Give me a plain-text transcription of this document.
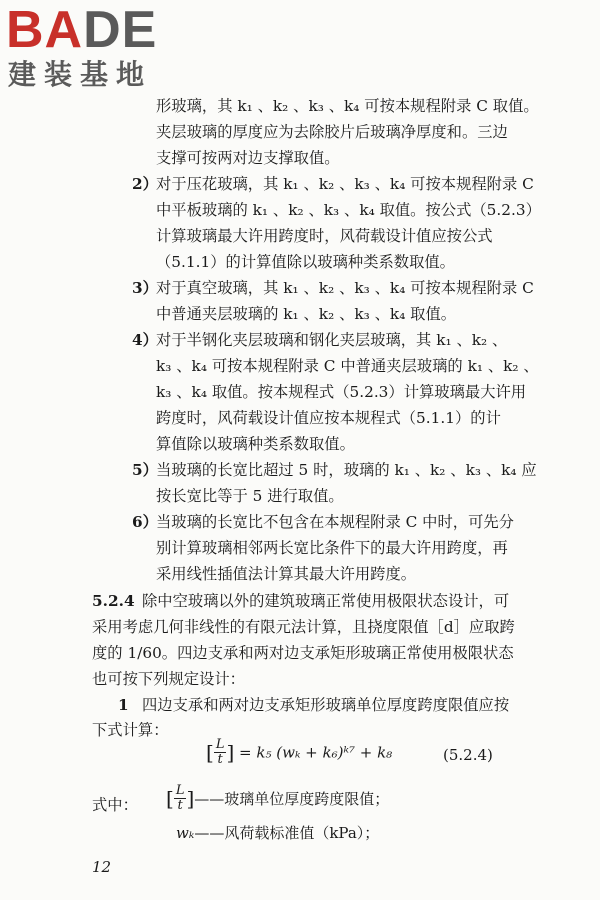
BADE
建装基地
形玻璃，其 k₁ 、k₂ 、k₃ 、k₄ 可按本规程附录 C 取值。
夹层玻璃的厚度应为去除胶片后玻璃净厚度和。三边
支撑可按两对边支撑取值。
2）
对于压花玻璃，其 k₁ 、k₂ 、k₃ 、k₄ 可按本规程附录 C
中平板玻璃的 k₁ 、k₂ 、k₃ 、k₄ 取值。按公式（5.2.3）
计算玻璃最大许用跨度时，风荷载设计值应按公式
（5.1.1）的计算值除以玻璃种类系数取值。
3）
对于真空玻璃，其 k₁ 、k₂ 、k₃ 、k₄ 可按本规程附录 C
中普通夹层玻璃的 k₁ 、k₂ 、k₃ 、k₄ 取值。
4）
对于半钢化夹层玻璃和钢化夹层玻璃，其 k₁ 、k₂ 、
k₃ 、k₄ 可按本规程附录 C 中普通夹层玻璃的 k₁ 、k₂ 、
k₃ 、k₄ 取值。按本规程式（5.2.3）计算玻璃最大许用
跨度时，风荷载设计值应按本规程式（5.1.1）的计
算值除以玻璃种类系数取值。
5）
当玻璃的长宽比超过 5 时，玻璃的 k₁ 、k₂ 、k₃ 、k₄ 应
按长宽比等于 5 进行取值。
6）
当玻璃的长宽比不包含在本规程附录 C 中时，可先分
别计算玻璃相邻两长宽比条件下的最大许用跨度，再
采用线性插值法计算其最大许用跨度。
5.2.4 除中空玻璃以外的建筑玻璃正常使用极限状态设计，可
采用考虑几何非线性的有限元法计算，且挠度限值［d］应取跨
度的 1/60。四边支承和两对边支承矩形玻璃正常使用极限状态
也可按下列规定设计：
1 四边支承和两对边支承矩形玻璃单位厚度跨度限值应按
[ $\frac{L}{t}$ ] = k₅ (wₖ + k₆)ᵏ⁷ + k₈	(5.2.4)
下式计算：
式中： [ $\frac{L}{t}$ ]——玻璃单位厚度跨度限值；
wₖ——风荷载标准值（kPa）；
12
